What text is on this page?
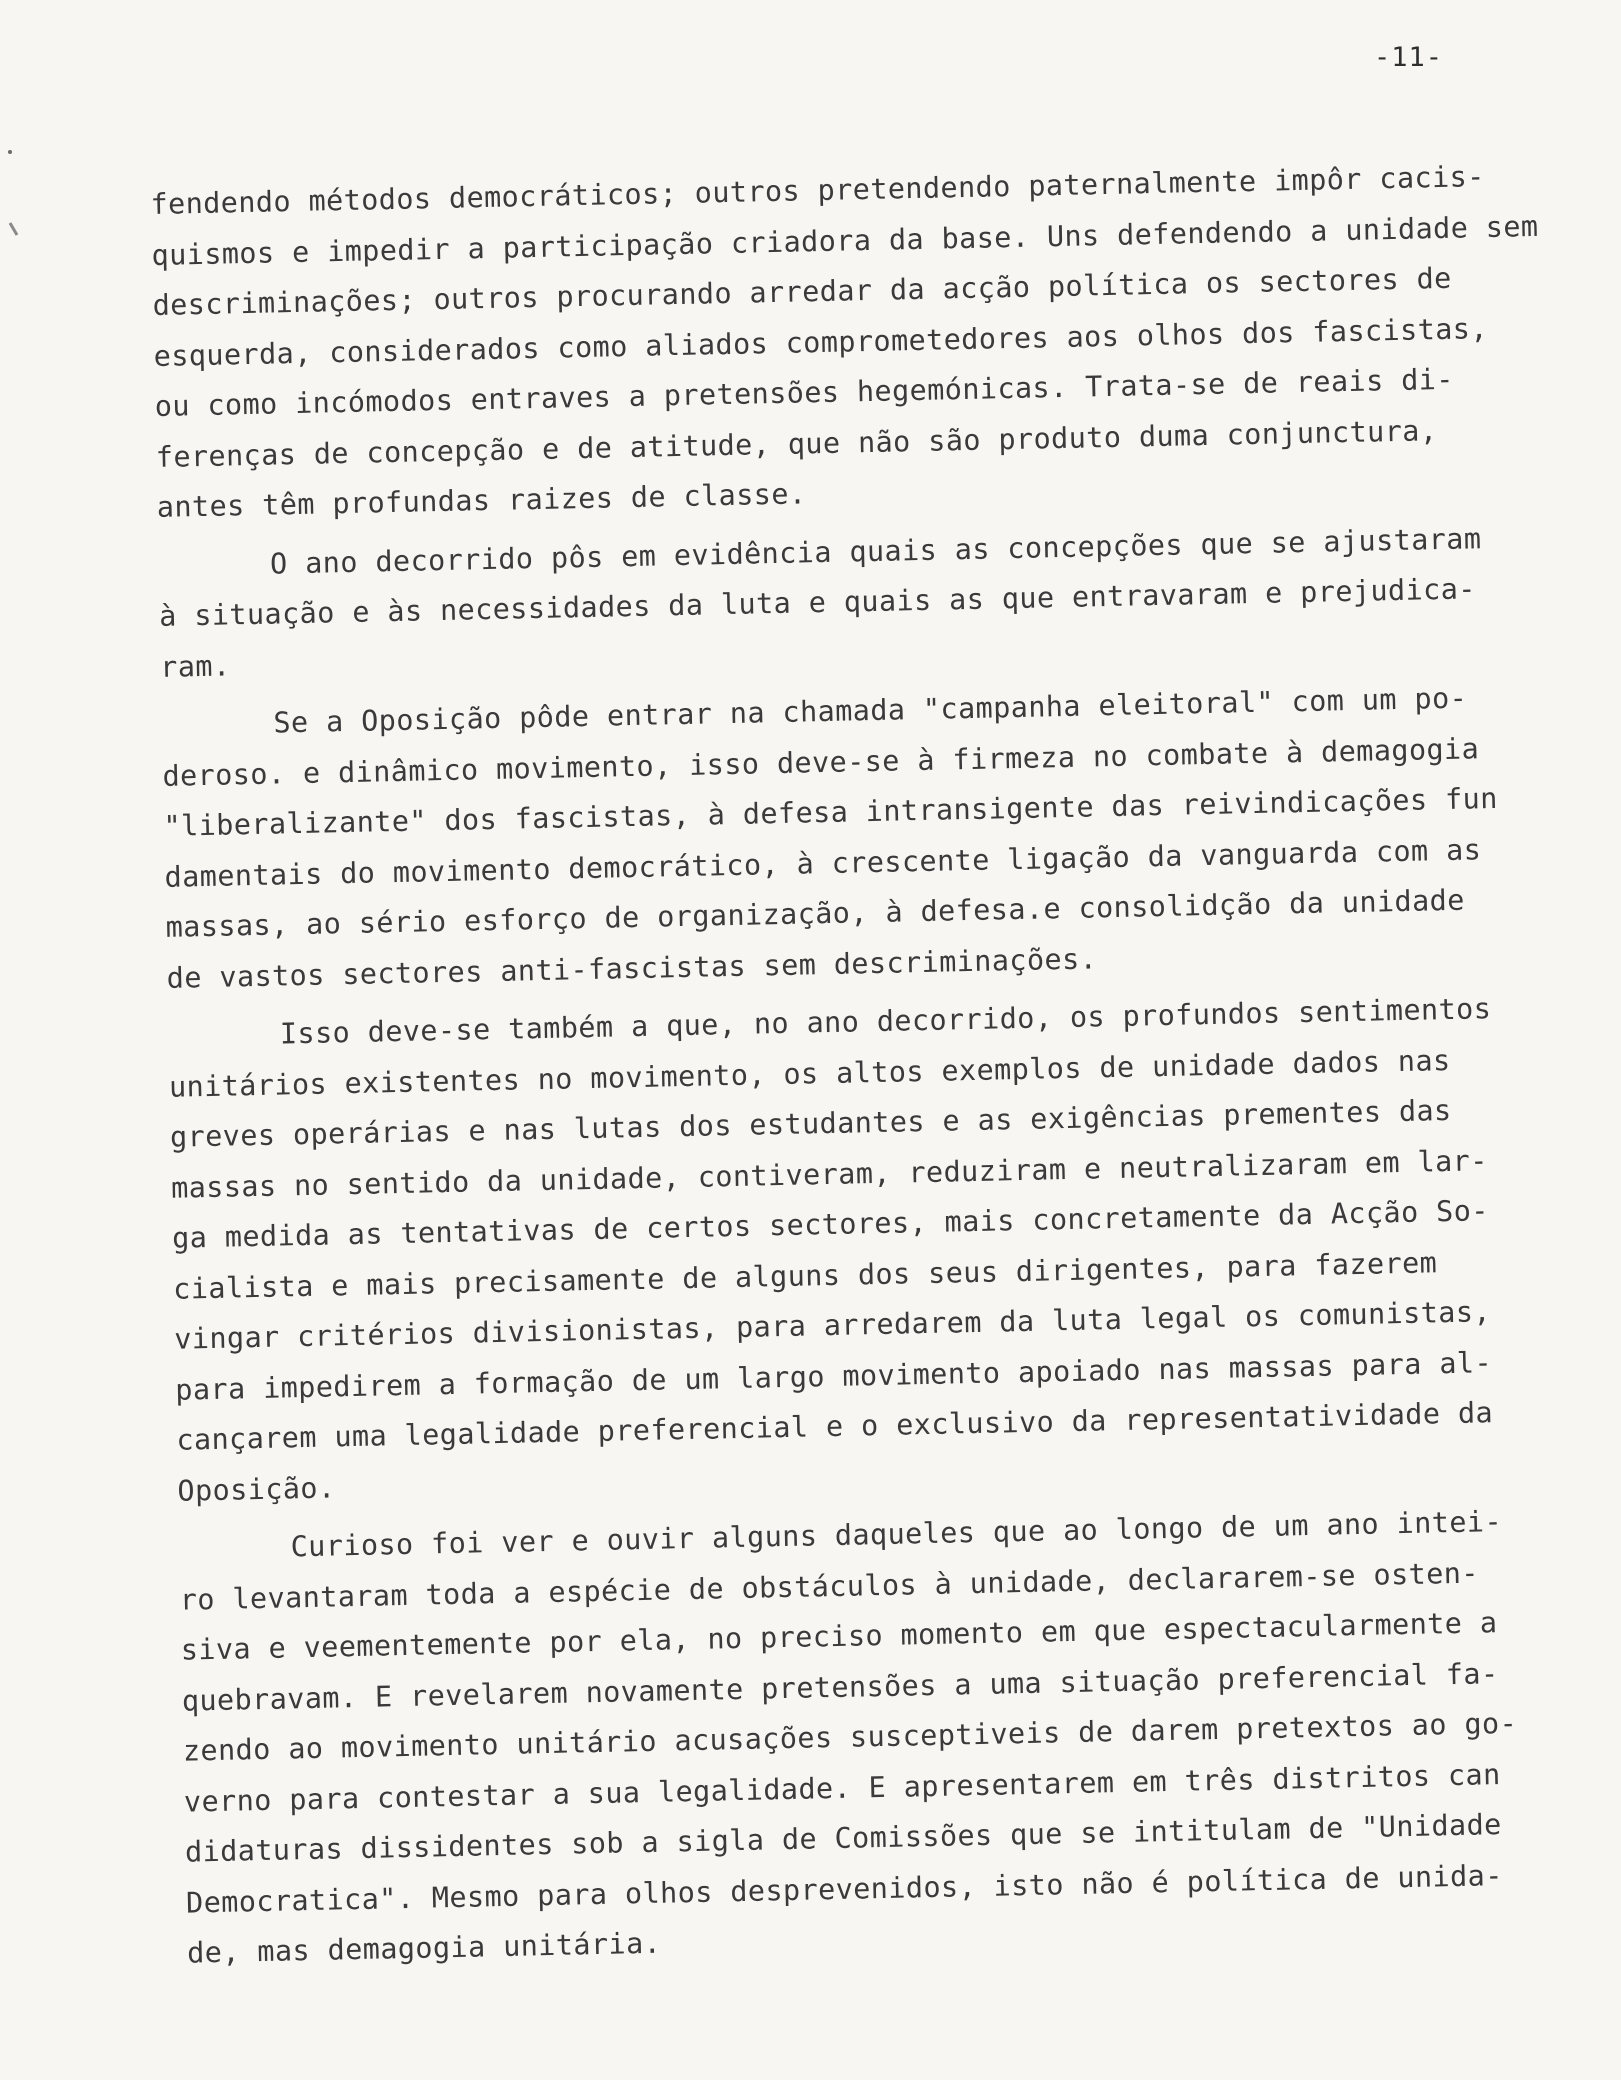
-11-
fendendo métodos democráticos; outros pretendendo paternalmente impôr cacis-
quismos e impedir a participação criadora da base. Uns defendendo a unidade sem
descriminações; outros procurando arredar da acção política os sectores de
esquerda, considerados como aliados comprometedores aos olhos dos fascistas,
ou como incómodos entraves a pretensões hegemónicas. Trata-se de reais di-
ferenças de concepção e de atitude, que não são produto duma conjunctura,
antes têm profundas raizes de classe.
O ano decorrido pôs em evidência quais as concepções que se ajustaram
à situação e às necessidades da luta e quais as que entravaram e prejudica-
ram.
Se a Oposição pôde entrar na chamada "campanha eleitoral" com um po-
deroso. e dinâmico movimento, isso deve-se à firmeza no combate à demagogia
"liberalizante" dos fascistas, à defesa intransigente das reivindicações fun
damentais do movimento democrático, à crescente ligação da vanguarda com as
massas, ao sério esforço de organização, à defesa.e consolidção da unidade
de vastos sectores anti-fascistas sem descriminações.
Isso deve-se também a que, no ano decorrido, os profundos sentimentos
unitários existentes no movimento, os altos exemplos de unidade dados nas
greves operárias e nas lutas dos estudantes e as exigências prementes das
massas no sentido da unidade, contiveram, reduziram e neutralizaram em lar-
ga medida as tentativas de certos sectores, mais concretamente da Acção So-
cialista e mais precisamente de alguns dos seus dirigentes, para fazerem
vingar critérios divisionistas, para arredarem da luta legal os comunistas,
para impedirem a formação de um largo movimento apoiado nas massas para al-
cançarem uma legalidade preferencial e o exclusivo da representatividade da
Oposição.
Curioso foi ver e ouvir alguns daqueles que ao longo de um ano intei-
ro levantaram toda a espécie de obstáculos à unidade, declararem-se osten-
siva e veementemente por ela, no preciso momento em que espectacularmente a
quebravam. E revelarem novamente pretensões a uma situação preferencial fa-
zendo ao movimento unitário acusações susceptiveis de darem pretextos ao go-
verno para contestar a sua legalidade. E apresentarem em três distritos can
didaturas dissidentes sob a sigla de Comissões que se intitulam de "Unidade
Democratica". Mesmo para olhos desprevenidos, isto não é política de unida-
de, mas demagogia unitária.
